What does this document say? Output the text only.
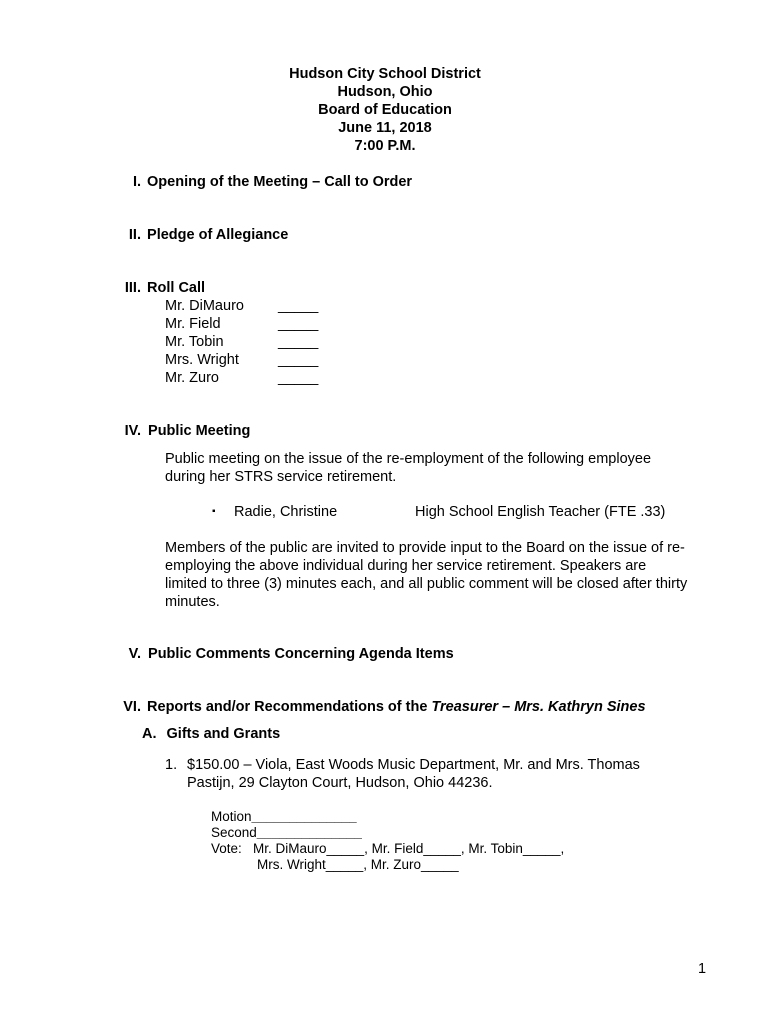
Hudson City School District
Hudson, Ohio
Board of Education
June 11, 2018
7:00 P.M.
I. Opening of the Meeting – Call to Order
II. Pledge of Allegiance
III. Roll Call
Mr. DiMauro _____
Mr. Field	_____
Mr. Tobin	_____
Mrs. Wright	_____
Mr. Zuro	_____
IV. Public Meeting
Public meeting on the issue of the re-employment of the following employee
during her STRS service retirement.
▪ Radie, Christine	High School English Teacher (FTE .33)
Members of the public are invited to provide input to the Board on the issue of re-
employing the above individual during her service retirement. Speakers are
limited to three (3) minutes each, and all public comment will be closed after thirty
minutes.
V. Public Comments Concerning Agenda Items
VI. Reports and/or Recommendations of the Treasurer – Mrs. Kathryn Sines
A. Gifts and Grants
1. $150.00 – Viola, East Woods Music Department, Mr. and Mrs. Thomas
Pastijn, 29 Clayton Court, Hudson, Ohio 44236.
Motion______________
Second______________
Vote:   Mr. DiMauro_____, Mr. Field_____, Mr. Tobin_____,
Mrs. Wright_____, Mr. Zuro_____
1
